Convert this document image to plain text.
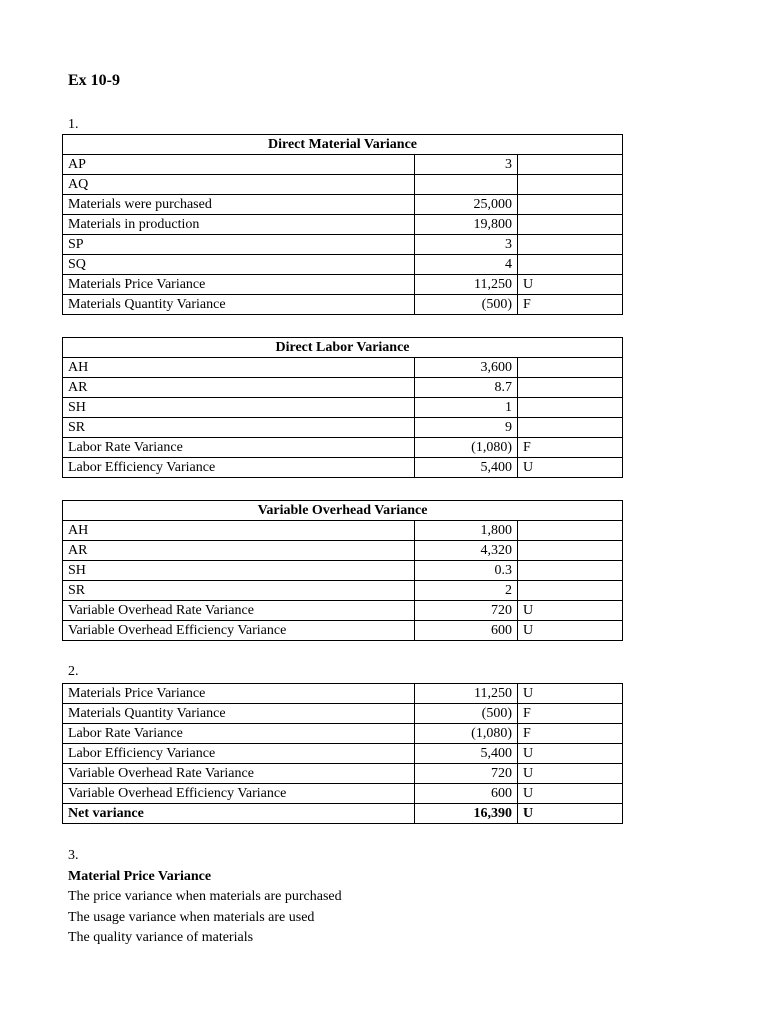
Ex 10-9
1.
Direct Material Variance		
AP	3	
AQ		
Materials were purchased	25,000	
Materials in production	19,800	
SP	3	
SQ	4	
Materials Price Variance	11,250	U
Materials Quantity Variance	(500)	F
Direct Labor Variance		
AH	3,600	
AR	8.7	
SH	1	
SR	9	
Labor Rate Variance	(1,080)	F
Labor Efficiency Variance	5,400	U
Variable Overhead Variance		
AH	1,800	
AR	4,320	
SH	0.3	
SR	2	
Variable Overhead Rate Variance	720	U
Variable Overhead Efficiency Variance	600	U
2.
Materials Price Variance	11,250	U
Materials Quantity Variance	(500)	F
Labor Rate Variance	(1,080)	F
Labor Efficiency Variance	5,400	U
Variable Overhead Rate Variance	720	U
Variable Overhead Efficiency Variance	600	U
Net variance	16,390	U
3.
Material Price Variance
The price variance when materials are purchased
The usage variance when materials are used
The quality variance of materials
